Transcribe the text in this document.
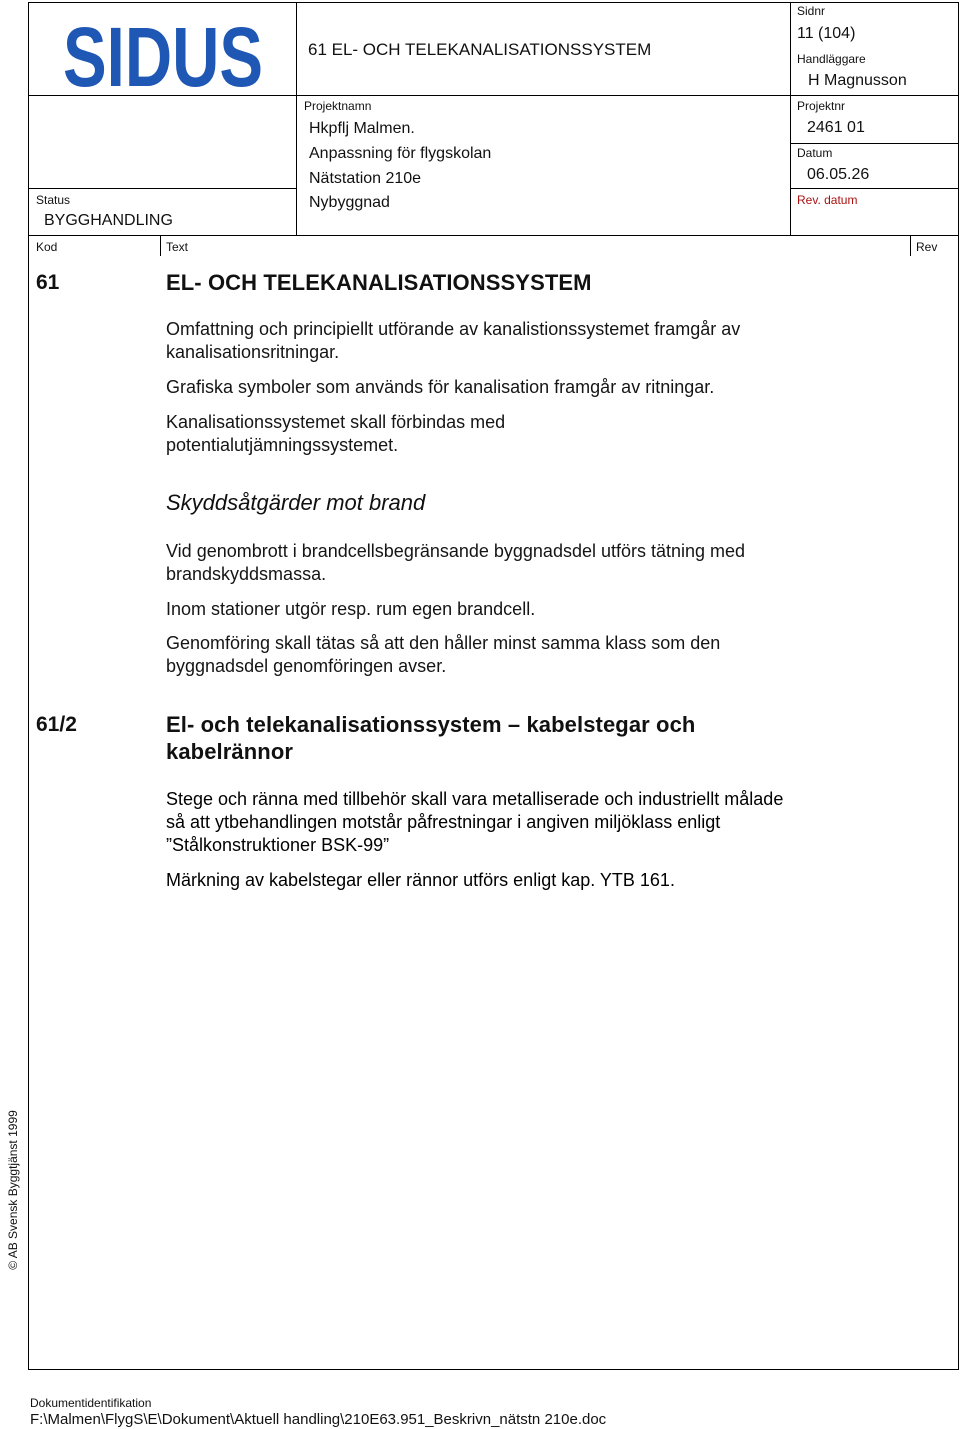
SIDUS	61 EL- OCH TELEKANALISATIONSSYSTEM
Sidnr
11 (104)
Handläggare
H Magnusson
Projektnamn
Hkpflj Malmen.
Anpassning för flygskolan
Nätstation 210e
Nybyggnad
Projektnr
2461 01
Datum
06.05.26
Rev. datum
Status
BYGGHANDLING
Kod	Text	Rev
61	EL- OCH TELEKANALISATIONSSYSTEM
Omfattning och principiellt utförande av kanalistionssystemet framgår av kanalisationsritningar.
Grafiska symboler som används för kanalisation framgår av ritningar.
Kanalisationssystemet skall förbindas med potentialutjämningssystemet.
Skyddsåtgärder mot brand
Vid genombrott i brandcellsbegränsande byggnadsdel utförs tätning med brandskyddsmassa.
Inom stationer utgör resp. rum egen brandcell.
Genomföring skall tätas så att den håller minst samma klass som den byggnadsdel genomföringen avser.
61/2	El- och telekanalisationssystem – kabelstegar och
kabelrännor
Stege och ränna med tillbehör skall vara metalliserade och industriellt målade så att ytbehandlingen motstår påfrestningar i angiven miljöklass enligt ”Stålkonstruktioner BSK-99”
Märkning av kabelstegar eller rännor utförs enligt kap. YTB 161.
© AB Svensk Byggtjänst 1999
Dokumentidentifikation
F:\Malmen\FlygS\E\Dokument\Aktuell handling\210E63.951_Beskrivn_nätstn 210e.doc
